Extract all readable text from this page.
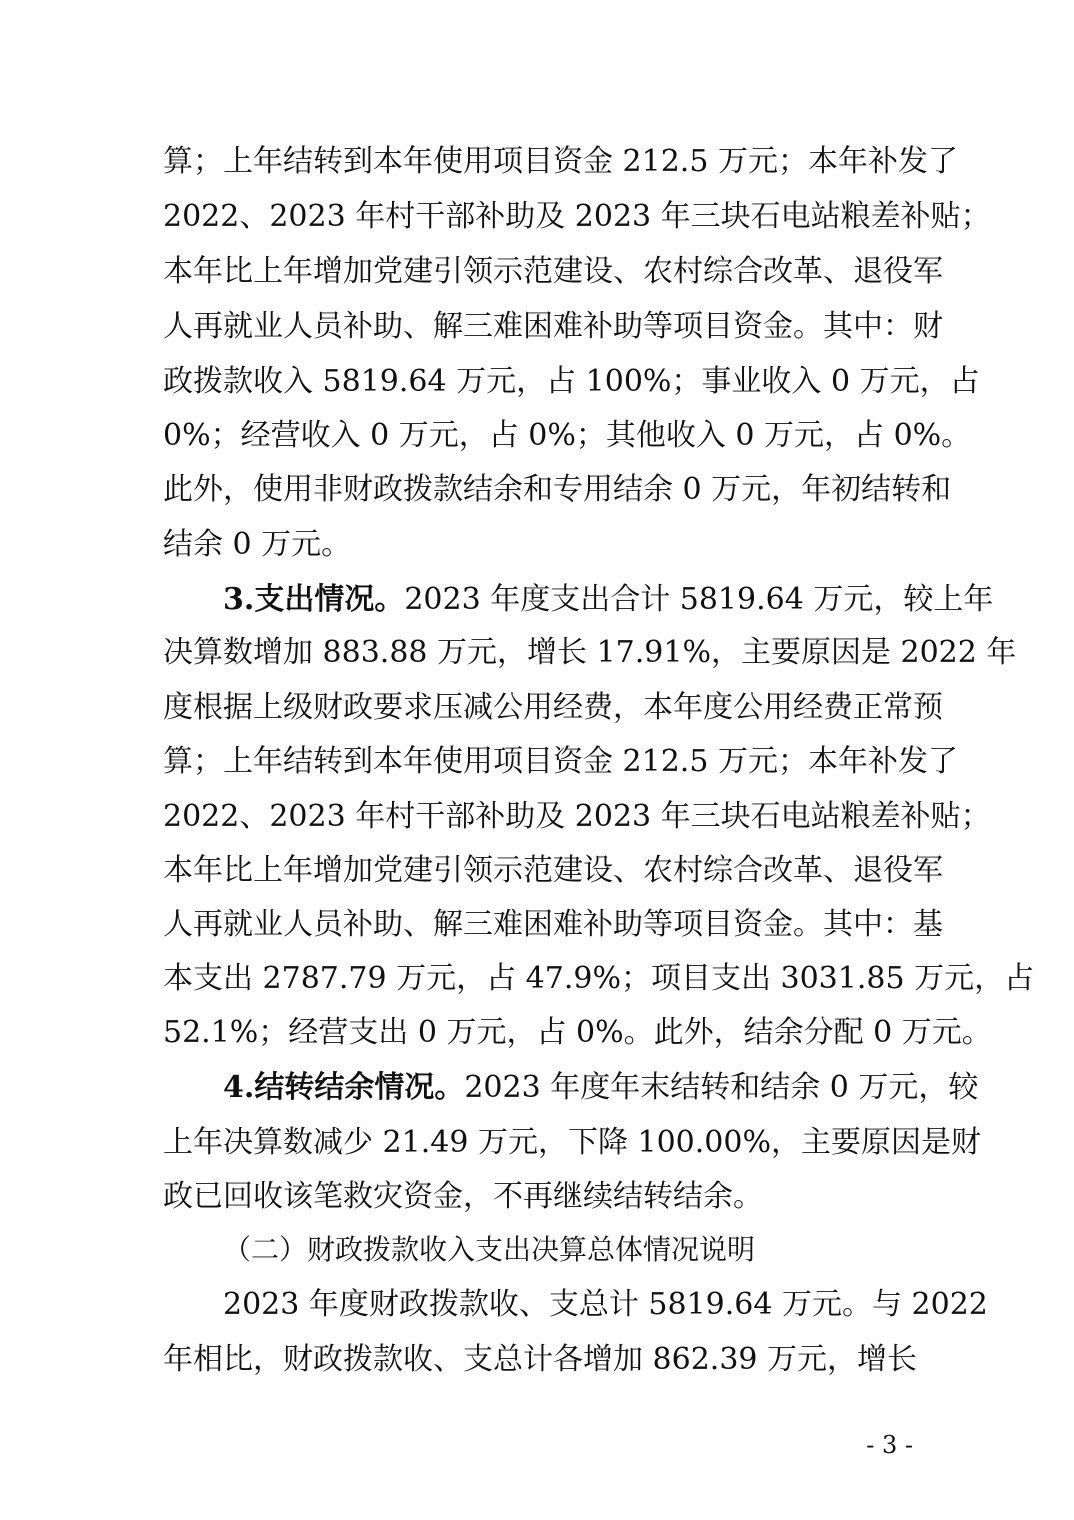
算；上年结转到本年使用项目资金 212.5 万元；本年补发了
2022、2023 年村干部补助及 2023 年三块石电站粮差补贴；
本年比上年增加党建引领示范建设、农村综合改革、退役军
人再就业人员补助、解三难困难补助等项目资金。其中：财
政拨款收入 5819.64 万元，占 100%；事业收入 0 万元，占
0%；经营收入 0 万元，占 0%；其他收入 0 万元，占 0%。
此外，使用非财政拨款结余和专用结余 0 万元，年初结转和
结余 0 万元。
3.支出情况。2023 年度支出合计 5819.64 万元，较上年
决算数增加 883.88 万元，增长 17.91%，主要原因是 2022 年
度根据上级财政要求压减公用经费，本年度公用经费正常预
算；上年结转到本年使用项目资金 212.5 万元；本年补发了
2022、2023 年村干部补助及 2023 年三块石电站粮差补贴；
本年比上年增加党建引领示范建设、农村综合改革、退役军
人再就业人员补助、解三难困难补助等项目资金。其中：基
本支出 2787.79 万元，占 47.9%；项目支出 3031.85 万元，占
52.1%；经营支出 0 万元，占 0%。此外，结余分配 0 万元。
4.结转结余情况。2023 年度年末结转和结余 0 万元，较
上年决算数减少 21.49 万元，下降 100.00%，主要原因是财
政已回收该笔救灾资金，不再继续结转结余。
（二）财政拨款收入支出决算总体情况说明
2023 年度财政拨款收、支总计 5819.64 万元。与 2022
年相比，财政拨款收、支总计各增加 862.39 万元，增长
- 3 -
